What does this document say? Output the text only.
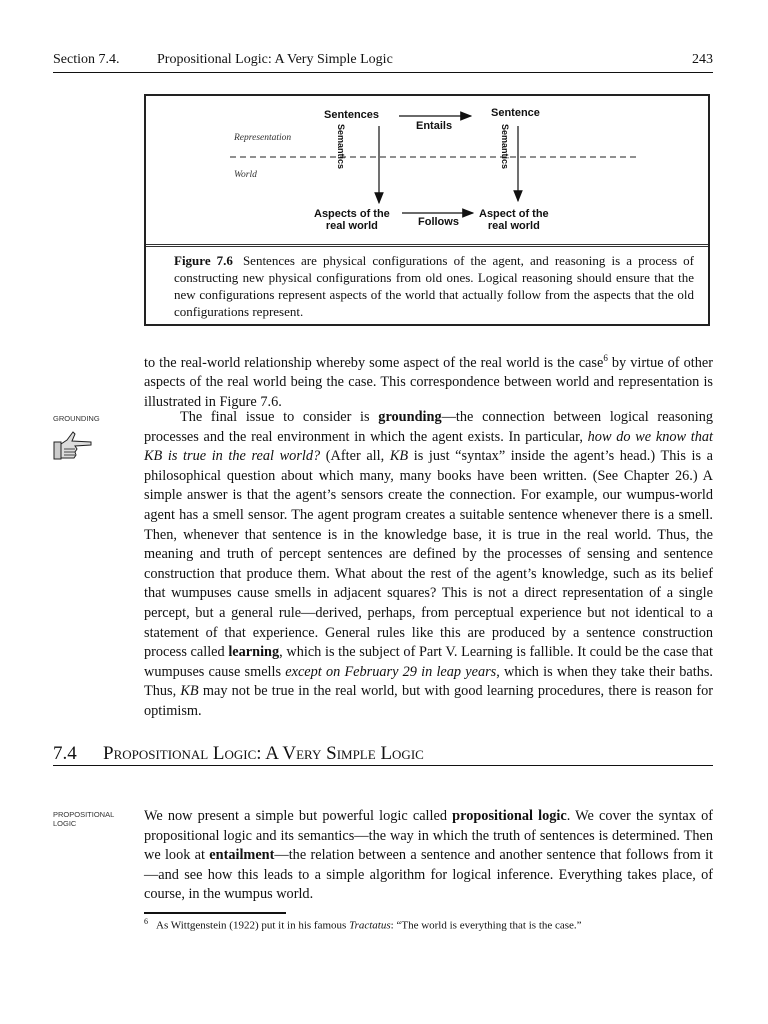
Section 7.4.	Propositional Logic: A Very Simple Logic	243
Sentences	Sentence
Entails
Representation
World
Semantics	Semantics
Aspects of the
real world	Follows
Aspect of the
real world
Figure 7.6 Sentences are physical configurations of the agent, and reasoning is a process of constructing new physical configurations from old ones. Logical reasoning should ensure that the new configurations represent aspects of the world that actually follow from the aspects that the old configurations represent.

to the real-world relationship whereby some aspect of the real world is the case$^6$ by virtue of other aspects of the real world being the case. This correspondence between world and representation is illustrated in Figure 7.6.

GROUNDING	The final issue to consider is grounding—the connection between logical reasoning processes and the real environment in which the agent exists. In particular, how do we know that KB is true in the real world? (After all, KB is just “syntax” inside the agent’s head.) This is a philosophical question about which many, many books have been written. (See Chapter 26.) A simple answer is that the agent’s sensors create the connection. For example, our wumpus-world agent has a smell sensor. The agent program creates a suitable sentence whenever there is a smell. Then, whenever that sentence is in the knowledge base, it is true in the real world. Thus, the meaning and truth of percept sentences are defined by the processes of sensing and sentence construction that produce them. What about the rest of the agent’s knowledge, such as its belief that wumpuses cause smells in adjacent squares? This is not a direct representation of a single percept, but a general rule—derived, perhaps, from perceptual experience but not identical to a statement of that experience. General rules like this are produced by a sentence construction process called learning, which is the subject of Part V. Learning is fallible. It could be the case that wumpuses cause smells except on February 29 in leap years, which is when they take their baths. Thus, KB may not be true in the real world, but with good learning procedures, there is reason for optimism.

7.4 Propositional Logic: A Very Simple Logic
PROPOSITIONAL
LOGIC	We now present a simple but powerful logic called propositional logic. We cover the syntax of propositional logic and its semantics—the way in which the truth of sentences is determined. Then we look at entailment—the relation between a sentence and another sentence that follows from it—and see how this leads to a simple algorithm for logical inference. Everything takes place, of course, in the wumpus world.

$^6$ As Wittgenstein (1922) put it in his famous Tractatus: “The world is everything that is the case.”
